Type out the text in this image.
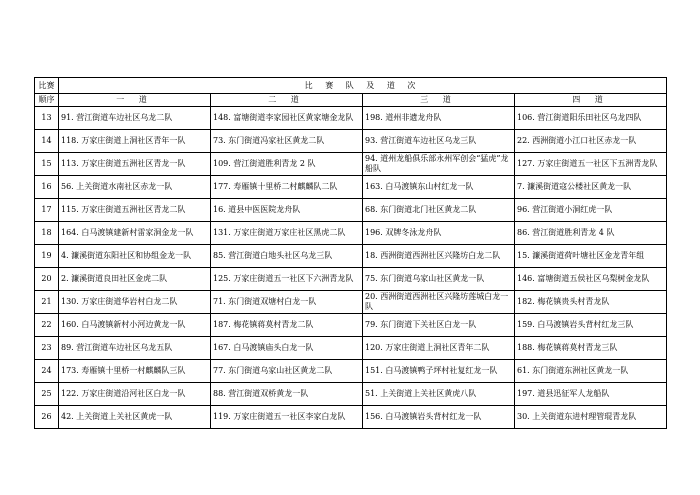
比赛	比 赛 队 及 道 次			
顺序	一 道	二 道	三 道	四 道
13	91. 营江街道车边社区乌龙二队	148. 富塘街道李家园社区黄家塘金龙队	198. 道州非遗龙舟队	106. 营江街道阳乐田社区乌龙四队
14	118. 万家庄街道上洞社区青年一队	73. 东门街道冯家社区黄龙二队	93. 营江街道车边社区乌龙三队	22. 西洲街道小江口社区赤龙一队
15	113. 万家庄街道五洲社区青龙一队	109. 营江街道胜利青龙 2 队	94. 道州龙船俱乐部永州军创会“猛虎”龙船队	127. 万家庄街道五一社区下五洲青龙队
16	56. 上关街道水南社区赤龙一队	177. 寿雁镇十里桥二村麒麟队二队	163. 白马渡镇东山村红龙一队	7. 濂溪街道寇公楼社区黄龙一队
17	115. 万家庄街道五洲社区青龙二队	16. 道县中医医院龙舟队	68. 东门街道北门社区黄龙二队	96. 营江街道小洞红虎一队
18	164. 白马渡镇建新村雷家洞金龙一队	131. 万家庄街道万家庄社区黑虎二队	196. 双牌冬泳龙舟队	86. 营江街道胜利青龙 4 队
19	4. 濂溪街道东阳社区和协组金龙一队	85. 营江街道白地头社区乌龙三队	18. 西洲街道西洲社区兴隆坊白龙二队	15. 濂溪街道荷叶塘社区金龙青年组
20	2. 濂溪街道良田社区金虎二队	125. 万家庄街道五一社区下六洲青龙队	75. 东门街道乌家山社区黄龙一队	146. 富塘街道五侯社区乌梨树金龙队
21	130. 万家庄街道华岩村白龙二队	71. 东门街道双塘村白龙一队	20. 西洲街道西洲社区兴隆坊莲城白龙一队	182. 梅花镇贵头村青龙队
22	160. 白马渡镇新村小河边黄龙一队	187. 梅花镇蒋莫村青龙二队	79. 东门街道下关社区白龙一队	159. 白马渡镇岩头背村红龙三队
23	89. 营江街道车边社区乌龙五队	167. 白马渡镇庙头白龙一队	120. 万家庄街道上洞社区青年二队	188. 梅花镇蒋莫村青龙三队
24	173. 寿雁镇十里桥一村麒麟队三队	77. 东门街道乌家山社区黄龙二队	151. 白马渡镇鸭子坪村社复红龙一队	61. 东门街道东洲社区黄龙一队
25	122. 万家庄街道沿河社区白龙一队	88. 营江街道双桥黄龙一队	51. 上关街道上关社区黄虎八队	197. 道县迅征军人龙船队
26	42. 上关街道上关社区黄虎一队	119. 万家庄街道五一社区李家白龙队	156. 白马渡镇岩头背村红龙一队	30. 上关街道东进村理管琨青龙队
